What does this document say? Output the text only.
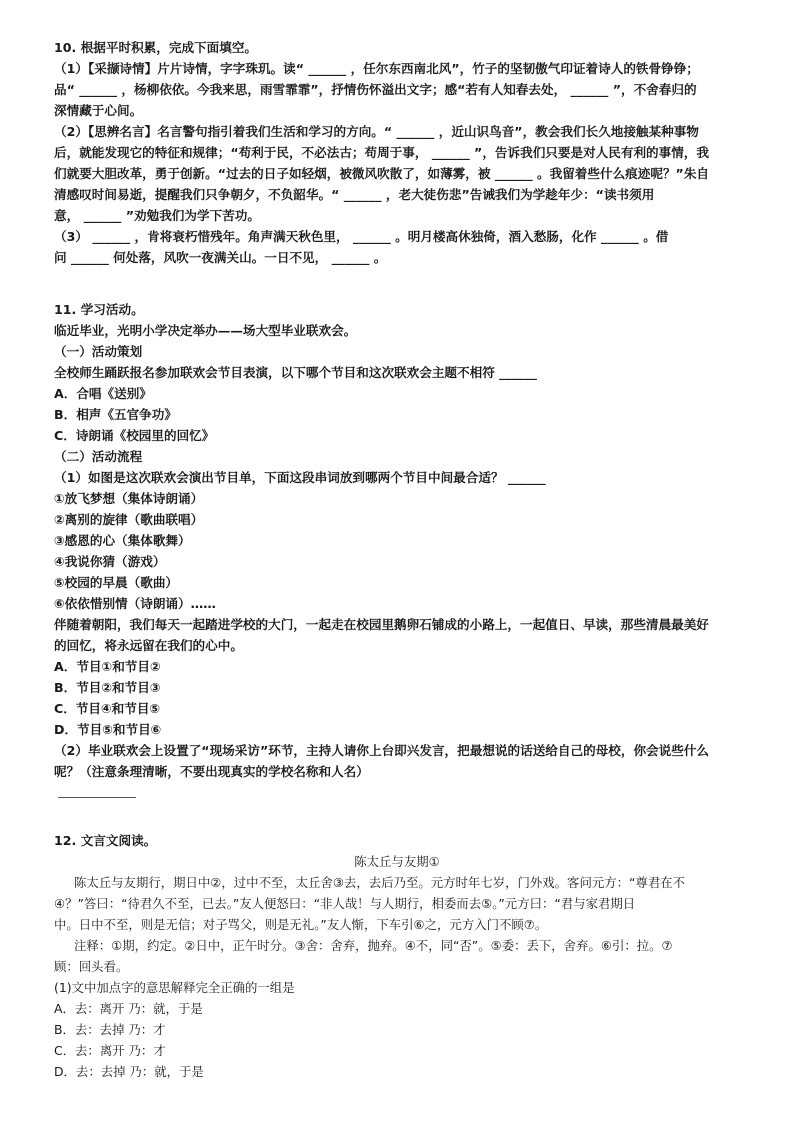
10. 根据平时积累，完成下面填空。
（1）【采撷诗情】片片诗情，字字珠玑。读“ ______ ，任尔东西南北风”，竹子的坚韧傲气印证着诗人的铁骨铮铮；
品“ ______ ，杨柳依依。今我来思，雨雪霏霏”，抒情伤怀溢出文字；感“若有人知春去处， ______ ”，不舍春归的
深情藏于心间。
（2）【思辨名言】名言警句指引着我们生活和学习的方向。“ ______ ，近山识鸟音”，教会我们长久地接触某种事物
后，就能发现它的特征和规律；“苟利于民，不必法古；苟周于事， ______ ”，告诉我们只要是对人民有利的事情，我
们就要大胆改革，勇于创新。“过去的日子如轻烟，被微风吹散了，如薄雾，被 ______ 。我留着些什么痕迹呢？”朱自
清感叹时间易逝，提醒我们只争朝夕，不负韶华。“ ______ ，老大徒伤悲”告诫我们为学趁年少：“读书须用
意， ______ ”劝勉我们为学下苦功。
（3） ______ ，肯将衰朽惜残年。角声满天秋色里， ______ 。明月楼高休独倚，酒入愁肠，化作 ______ 。借
问 ______ 何处落，风吹一夜满关山。一日不见， ______ 。
11. 学习活动。
临近毕业，光明小学决定举办——场大型毕业联欢会。
（一）活动策划
全校师生踊跃报名参加联欢会节目表演，以下哪个节目和这次联欢会主题不相符 ______
A．合唱《送别》
B．相声《五官争功》
C．诗朗诵《校园里的回忆》
（二）活动流程
（1）如图是这次联欢会演出节目单，下面这段串词放到哪两个节目中间最合适？ ______
①放飞梦想（集体诗朗诵）
②离别的旋律（歌曲联唱）
③感恩的心（集体歌舞）
④我说你猜（游戏）
⑤校园的早晨（歌曲）
⑥依依惜别情（诗朗诵）……
伴随着朝阳，我们每天一起踏进学校的大门，一起走在校园里鹅卵石铺成的小路上，一起值日、早读，那些清晨最美好
的回忆，将永远留在我们的心中。
A．节目①和节目②
B．节目②和节目③
C．节目④和节目⑤
D．节目⑤和节目⑥
（2）毕业联欢会上设置了“现场采访”环节，主持人请你上台即兴发言，把最想说的话送给自己的母校，你会说些什么
呢？（注意条理清晰，不要出现真实的学校名称和人名）
12. 文言文阅读。
陈太丘与友期①
陈太丘与友期行，期日中②，过中不至，太丘舍③去，去后乃至。元方时年七岁，门外戏。客问元方：“尊君在不
④？”答曰：“待君久不至，已去。”友人便怒曰：“非人哉！与人期行，相委而去⑤。”元方曰：“君与家君期日
中。日中不至，则是无信；对子骂父，则是无礼。”友人惭，下车引⑥之，元方入门不顾⑦。
注释：①期，约定。②日中，正午时分。③舍：舍弃，抛弃。④不，同“否”。⑤委：丢下，舍弃。⑥引：拉。⑦
顾：回头看。
(1)文中加点字的意思解释完全正确的一组是
A．去：离开 乃：就，于是
B．去：去掉 乃：才
C．去：离开 乃：才
D．去：去掉 乃：就，于是
